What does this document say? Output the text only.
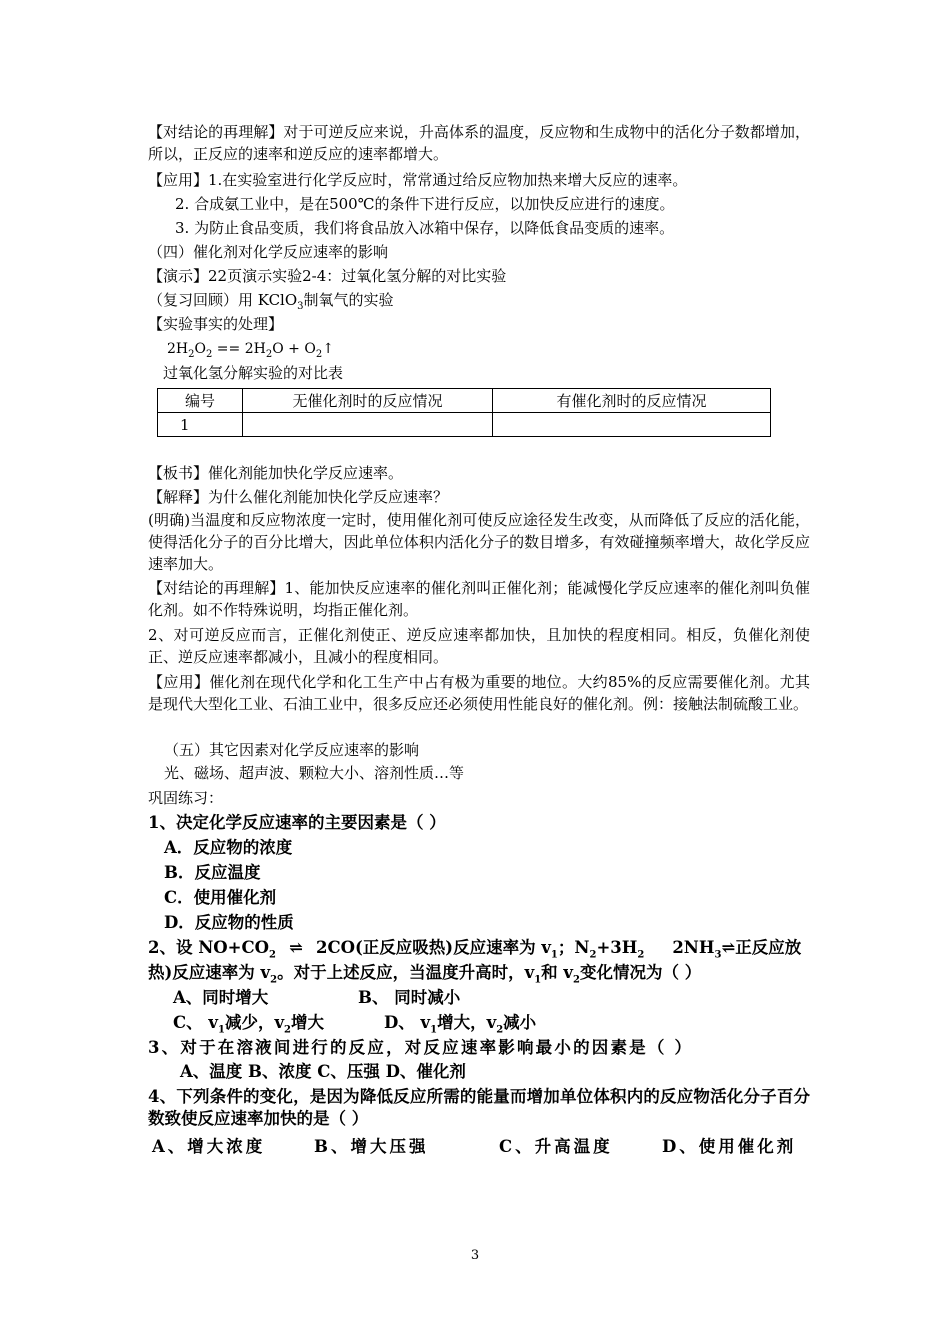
【对结论的再理解】对于可逆反应来说，升高体系的温度，反应物和生成物中的活化分子数都增加，所以，正反应的速率和逆反应的速率都增大。
【应用】1.在实验室进行化学反应时，常常通过给反应物加热来增大反应的速率。
2. 合成氨工业中，是在500℃的条件下进行反应，以加快反应进行的速度。
3. 为防止食品变质，我们将食品放入冰箱中保存，以降低食品变质的速率。
（四）催化剂对化学反应速率的影响
【演示】22页演示实验2-4：过氧化氢分解的对比实验
（复习回顾）用 KClO$_3$制氧气的实验
【实验事实的处理】
$2H_2O_2 == 2H_2O$ + $O_2↑$
过氧化氢分解实验的对比表
编号	无催化剂时的反应情况	有催化剂时的反应情况
1		
【板书】催化剂能加快化学反应速率。
【解释】为什么催化剂能加快化学反应速率？
(明确)当温度和反应物浓度一定时，使用催化剂可使反应途径发生改变，从而降低了反应的活化能，使得活化分子的百分比增大，因此单位体积内活化分子的数目增多，有效碰撞频率增大，故化学反应速率加大。
【对结论的再理解】1、能加快反应速率的催化剂叫正催化剂；能减慢化学反应速率的催化剂叫负催化剂。如不作特殊说明，均指正催化剂。
2、对可逆反应而言，正催化剂使正、逆反应速率都加快，且加快的程度相同。相反，负催化剂使正、逆反应速率都减小，且减小的程度相同。
【应用】催化剂在现代化学和化工生产中占有极为重要的地位。大约85%的反应需要催化剂。尤其是现代大型化工业、石油工业中，很多反应还必须使用性能良好的催化剂。例：接触法制硫酸工业。
（五）其它因素对化学反应速率的影响
光、磁场、超声波、颗粒大小、溶剂性质…等
巩固练习：
1、决定化学反应速率的主要因素是（ ）
A．反应物的浓度
B．反应温度
C．使用催化剂
D．反应物的性质
2、设 $NO+CO_2$ ⇌ 2CO(正反应吸热)反应速率为 $v_1$；$N_2+3H_2$ $2NH_3\rightleftharpoons$正反应放
热)反应速率为 $v_2$。对于上述反应，当温度升高时，$v_1$和 $v_2$变化情况为（ ）
A、同时增大	B、 同时减小
C、 $v_1$减少，$v_2$增大	D、 $v_1$增大，$v_2$减小
3、对于在溶液间进行的反应，对反应速率影响最小的因素是（ ）
A、温度 B、浓度 C、压强 D、催化剂
4、下列条件的变化，是因为降低反应所需的能量而增加单位体积内的反应物活化分子百分数致使反应速率加快的是（ ）
A、增大浓度	B、增大压强	C、升高温度	D、使用催化剂
3
